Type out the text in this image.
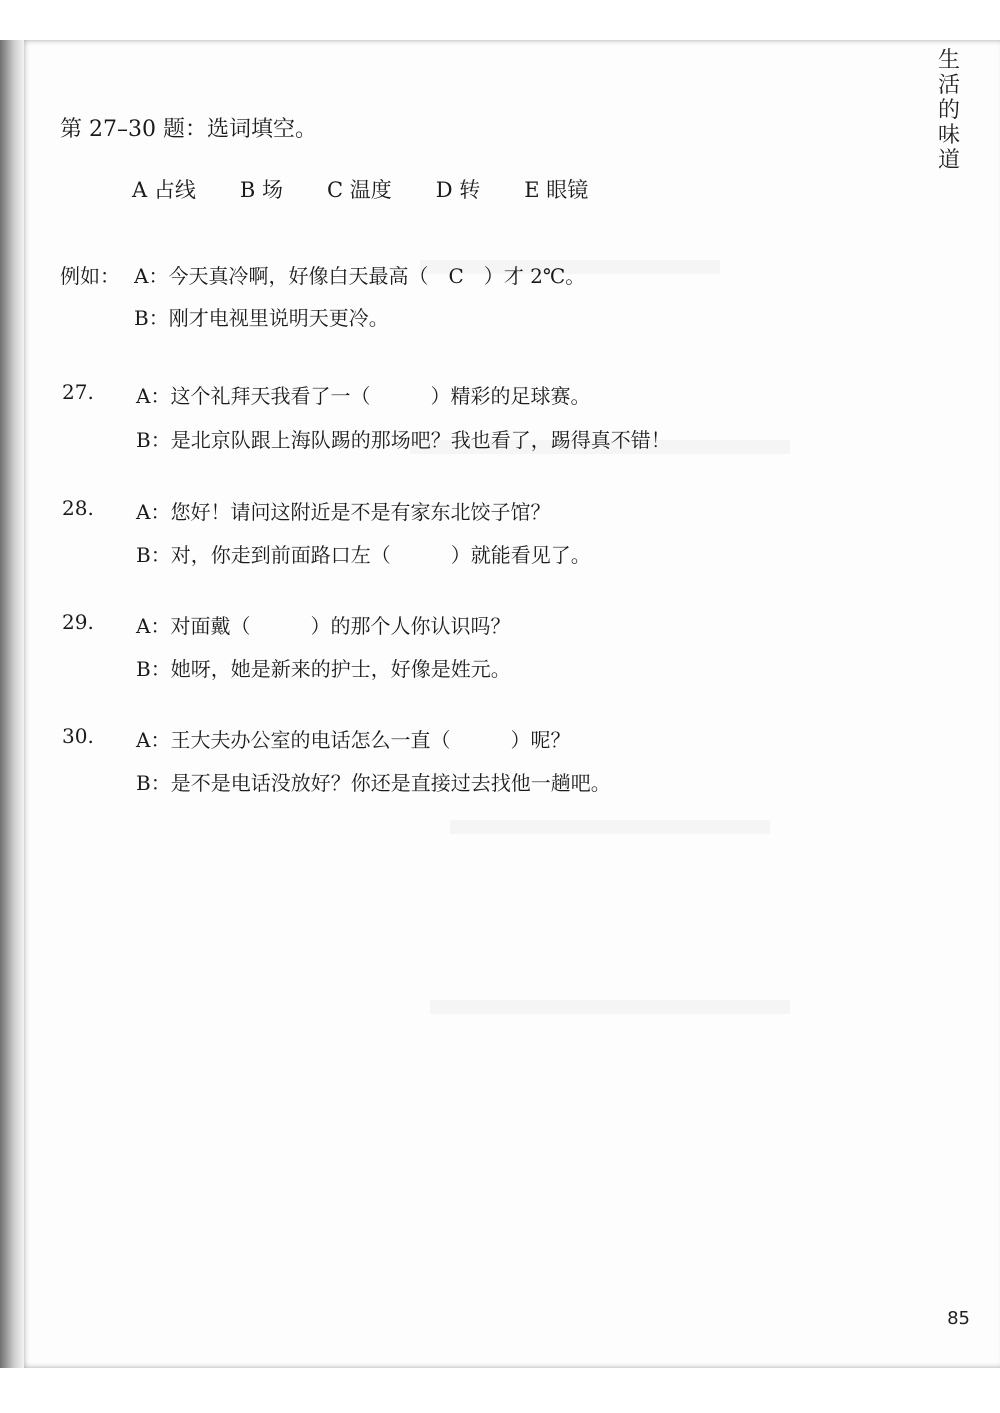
生
活
的
味
道
第 27–30 题：选词填空。
A 占线 B 场 C 温度 D 转 E 眼镜
例如： A：今天真冷啊，好像白天最高（　C　）才 2℃。
B：刚才电视里说明天更冷。
27. A：这个礼拜天我看了一（　　　）精彩的足球赛。
B：是北京队跟上海队踢的那场吧？我也看了，踢得真不错！
28. A：您好！请问这附近是不是有家东北饺子馆？
B：对，你走到前面路口左（　　　）就能看见了。
29. A：对面戴（　　　）的那个人你认识吗？
B：她呀，她是新来的护士，好像是姓元。
30. A：王大夫办公室的电话怎么一直（　　　）呢？
B：是不是电话没放好？你还是直接过去找他一趟吧。
85
